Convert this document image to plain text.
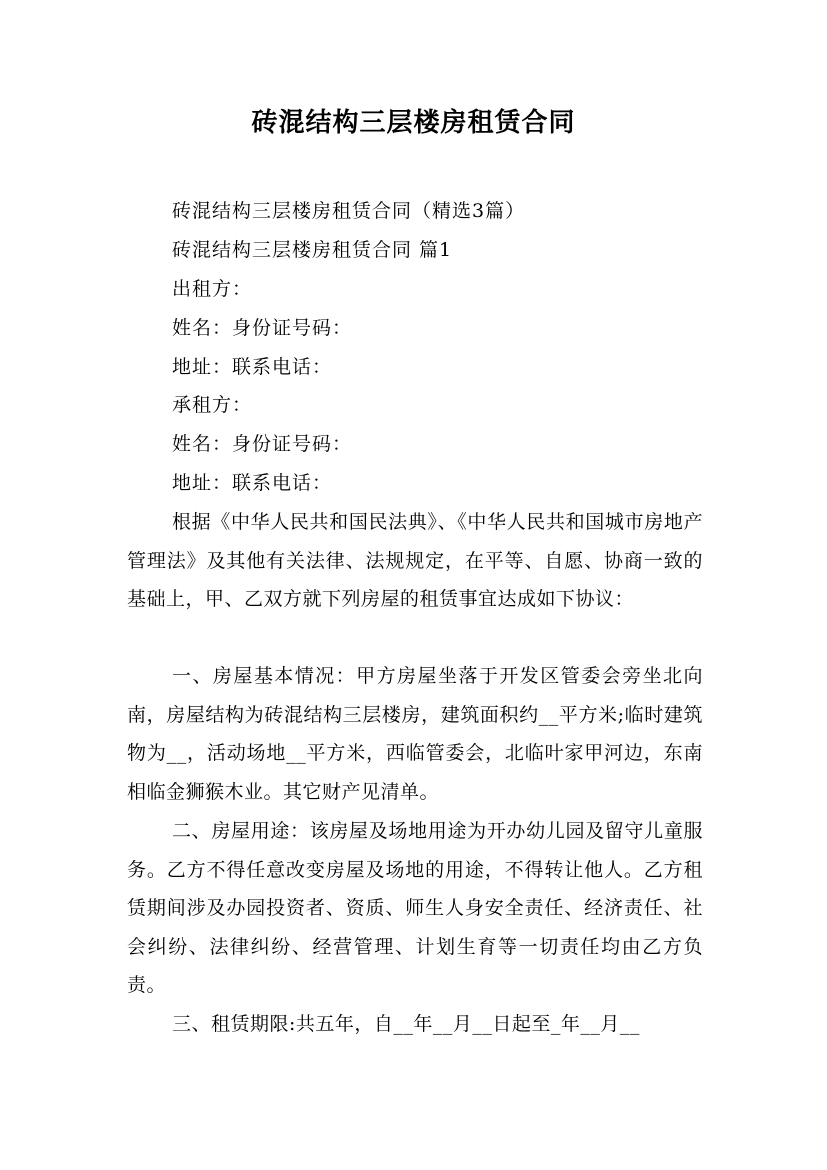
砖混结构三层楼房租赁合同
砖混结构三层楼房租赁合同（精选3篇）
砖混结构三层楼房租赁合同 篇1
出租方：
姓名：身份证号码：
地址：联系电话：
承租方：
姓名：身份证号码：
地址：联系电话：
根据《中华人民共和国民法典》、《中华人民共和国城市房地产管理法》及其他有关法律、法规规定，在平等、自愿、协商一致的基础上，甲、乙双方就下列房屋的租赁事宜达成如下协议：
一、房屋基本情况：甲方房屋坐落于开发区管委会旁坐北向南，房屋结构为砖混结构三层楼房，建筑面积约__平方米;临时建筑物为__，活动场地__平方米，西临管委会，北临叶家甲河边，东南相临金狮猴木业。其它财产见清单。
二、房屋用途：该房屋及场地用途为开办幼儿园及留守儿童服务。乙方不得任意改变房屋及场地的用途，不得转让他人。乙方租赁期间涉及办园投资者、资质、师生人身安全责任、经济责任、社会纠纷、法律纠纷、经营管理、计划生育等一切责任均由乙方负责。
三、租赁期限:共五年，自__年__月__日起至_年__月__
